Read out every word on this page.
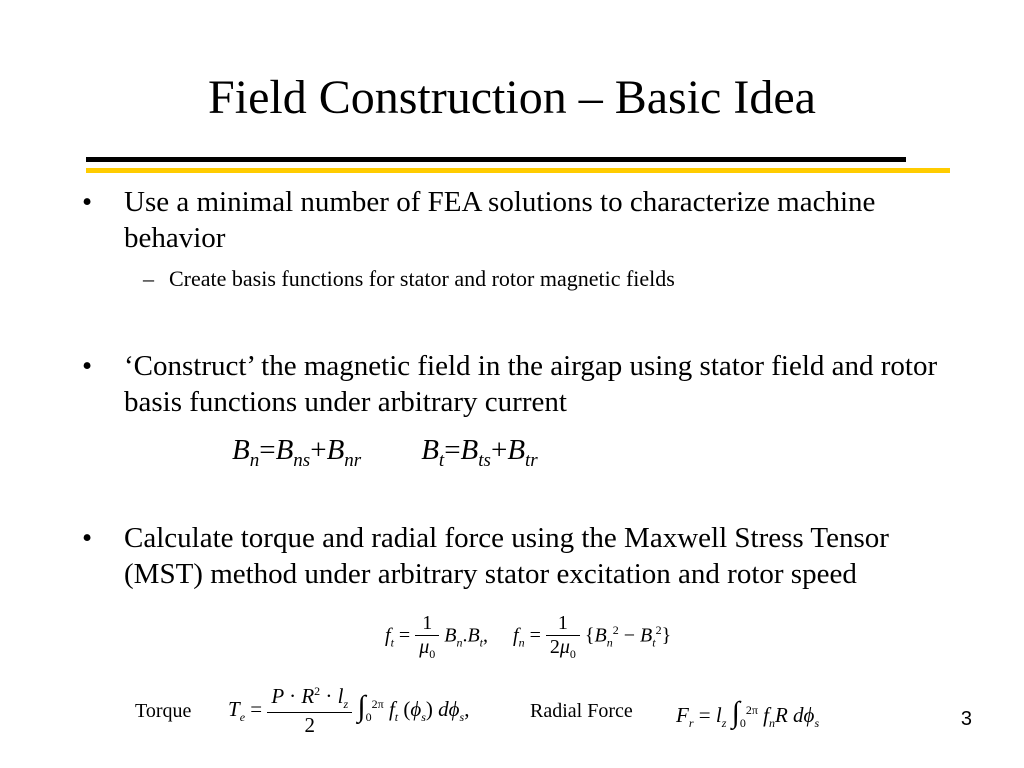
Field Construction – Basic Idea
• Use a minimal number of FEA solutions to characterize machine behavior
– Create basis functions for stator and rotor magnetic fields
• ‘Construct’ the magnetic field in the airgap using stator field and rotor basis functions under arbitrary current
$B_n=B_{ns}+B_{nr}$ $B_t=B_{ts}+B_{tr}$
• Calculate torque and radial force using the Maxwell Stress Tensor (MST) method under arbitrary stator excitation and rotor speed
$f_t = \frac{1}{\mu_0} B_n.B_t$,     $f_n = \frac{1}{2\mu_0} \{B_n^2 - B_t^2\}$
Torque $T_e = \frac{P \cdot R^2 \cdot l_z}{2} \int_0^{2\pi}$ $f_t$ $(\phi_s)$ $d\phi_s$,	Radial Force $F_r = l_z$ $\int_0^{2\pi}$ $f_nR$ $d\phi_s$	3
